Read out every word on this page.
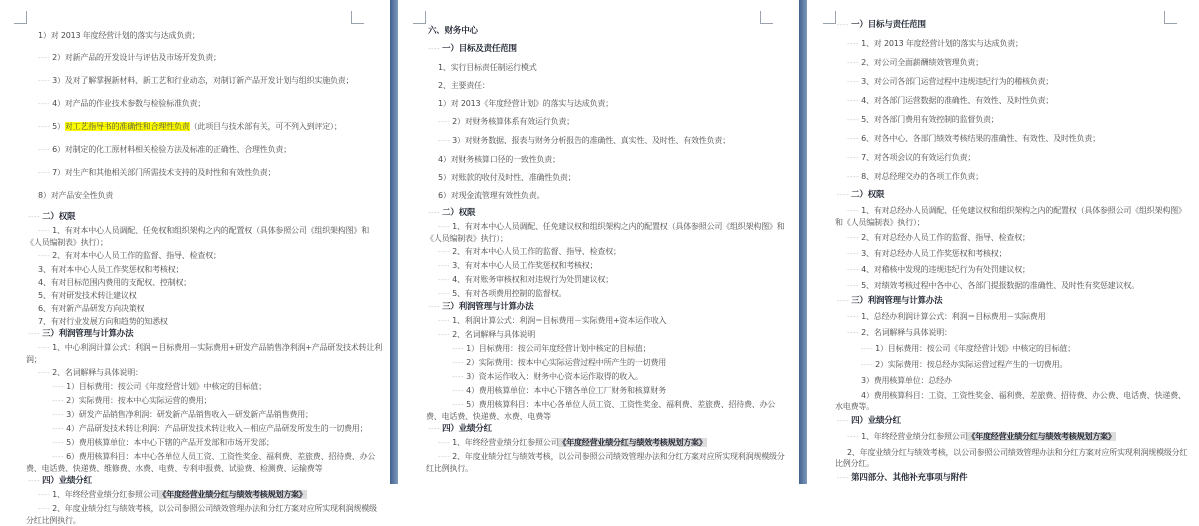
1）对 2013 年度经营计划的落实与达成负责；
---- 2）对新产品的开发设计与评估及市场开发负责；
---- 3）及对了解掌握新材料、新工艺和行业动态，对制订新产品开发计划与组织实施负责；
---- 4）对产品的作业技术参数与检验标准负责；
---- 5）对工艺指导书的准确性和合理性负责（此项目与技术部有关，可不列入到评定）；
---- 6）对制定的化工原材料相关检验方法及标准的正确性、合理性负责；
---- 7）对生产和其他相关部门所需技术支持的及时性和有效性负责；
8）对产品安全性负责
---- 二）权限
---- 1、有对本中心人员调配、任免权和组织架构之内的配置权（具体参照公司《组织架构图》和《人员编制表》执行）；
---- 2、有对本中心人员工作的监督、指导、检查权；
3、有对本中心人员工作奖惩权和考核权；
4、有对目标范围内费用的支配权、控制权；
5、有对研发技术转让建议权
6、有对新产品研发方向决策权
7、有对行业发展方向和趋势的知悉权
---- 三）利润管理与计算办法
---- 1、中心利润计算公式：利润＝目标费用－实际费用+研发产品销售净利润+产品研发技术转让利润；
---- 2、名词解释与具体说明：
---- 1）目标费用：按公司《年度经营计划》中核定的目标值；
---- 2）实际费用：按本中心实际运营的费用；
---- 3）研发产品销售净利润：研发新产品销售收入－研发新产品销售费用；
---- 4）产品研发技术转让利润：产品研发技术转让收入－相应产品研发所发生的一切费用；
---- 5）费用核算单位：本中心下辖的产品开发部和市场开发部；
---- 6）费用核算科目：本中心各单位人员工资、工资性奖金、福利费、差旅费、招待费、办公费、电话费、快递费、维修费、水费、电费、专利申报费、试验费、检测费、运输费等
---- 四）业绩分红
---- 1、年终经营业绩分红参照公司《年度经营业绩分红与绩效考核规划方案》
---- 2、年度业绩分红与绩效考核，以公司参照公司绩效管理办法和分红方案对应所实现利润规模级分红比例执行。
六、财务中心
---- 一）目标及责任范围
1、实行目标责任制运行模式
2、主要责任：
1）对 2013《年度经营计划》的落实与达成负责；
---- 2）对财务核算体系有效运行负责；
---- 3）对财务数据、报表与财务分析报告的准确性、真实性、及时性、有效性负责；
4）对财务核算口径的一致性负责；
5）对账款的收付及时性、准确性负责；
6）对现金流管理有效性负责。
---- 二）权限
---- 1、有对本中心人员调配、任免建议权和组织架构之内的配置权（具体参照公司《组织架构图》和《人员编制表》执行）；
---- 2、有对本中心人员工作的监督、指导、检查权；
---- 3、有对本中心人员工作奖惩权和考核权；
---- 4、有对账务审核权和对违规行为处罚建议权；
---- 5、有对各项费用控制的监督权。
---- 三）利润管理与计算办法
---- 1、利润计算公式：利润＝目标费用－实际费用+资本运作收入
---- 2、名词解释与具体说明
---- 1）目标费用：按公司年度经营计划中核定的目标值；
---- 2）实际费用：按本中心实际运营过程中所产生的一切费用
---- 3）资本运作收入：财务中心资本运作取得的收入。
---- 4）费用核算单位：本中心下辖各单位工厂财务和核算财务
---- 5）费用核算科目：本中心各单位人员工资、工资性奖金、福利费、差旅费、招待费、办公费、电话费、快递费、水费、电费等
---- 四）业绩分红
---- 1、年终经营业绩分红参照公司《年度经营业绩分红与绩效考核规划方案》
---- 2、年度业绩分红与绩效考核，以公司参照公司绩效管理办法和分红方案对应所实现利润规模级分红比例执行。
---- 一）目标与责任范围
---- 1、对 2013 年度经营计划的落实与达成负责；
---- 2、对公司全面薪酬绩效管理负责；
---- 3、对公司各部门运营过程中违规违纪行为的稽核负责；
---- 4、对各部门运营数据的准确性、有效性、及时性负责；
---- 5、对各部门费用有效控制的监督负责；
---- 6、对各中心、各部门绩效考核结果的准确性、有效性、及时性负责；
---- 7、对各项会议的有效运行负责；
---- 8、对总经理交办的各项工作负责；
---- 二）权限
---- 1、有对总经办人员调配、任免建议权和组织架构之内的配置权（具体参照公司《组织架构图》和《人员编制表》执行）；
---- 2、有对总经办人员工作的监督、指导、检查权；
---- 3、有对总经办人员工作奖惩权和考核权；
---- 4、对稽核中发现的违规违纪行为有处罚建议权；
---- 5、对绩效考核过程中各中心、各部门提报数据的准确性、及时性有奖惩建议权。
---- 三）利润管理与计算办法
---- 1、总经办利润计算公式：利润＝目标费用－实际费用
---- 2、名词解释与具体说明：
---- 1）目标费用：按公司《年度经营计划》中核定的目标值；
---- 2）实际费用：按总经办实际运营过程产生的一切费用。
3）费用核算单位：总经办
4）费用核算科目：工资、工资性奖金、福利费、差旅费、招待费、办公费、电话费、快递费、水电费等。
---- 四）业绩分红
---- 1、年终经营业绩分红参照公司《年度经营业绩分红与绩效考核规划方案》
2、年度业绩分红与绩效考核，以公司参照公司绩效管理办法和分红方案对应所实现利润规模级分红比例分红。
---- 第四部分、其他补充事项与附件
